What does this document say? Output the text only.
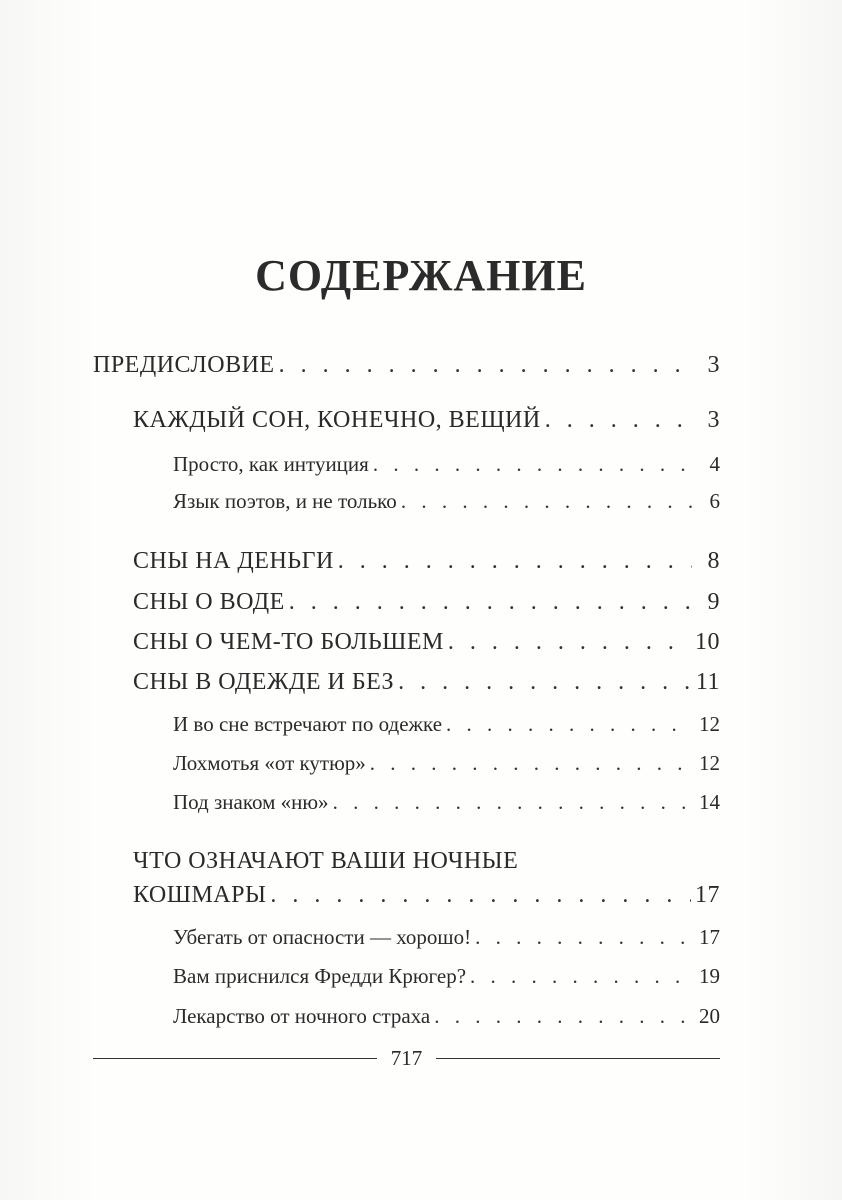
СОДЕРЖАНИЕ
ПРЕДИСЛОВИЕ . . .	3
КАЖДЫЙ СОН, КОНЕЧНО, ВЕЩИЙ . . .	3
Просто, как интуиция . . .	4
Язык поэтов, и не только . . .	6
СНЫ НА ДЕНЬГИ . . .	8
СНЫ О ВОДЕ . . .	9
СНЫ О ЧЕМ-ТО БОЛЬШЕМ . . .	10
СНЫ В ОДЕЖДЕ И БЕЗ . . .	11
И во сне встречают по одежке . . .	12
Лохмотья «от кутюр» . . .	12
Под знаком «ню» . . .	14
ЧТО ОЗНАЧАЮТ ВАШИ НОЧНЫЕ
КОШМАРЫ . . .	17
Убегать от опасности — хорошо! . . .	17
Вам приснился Фредди Крюгер? . . .	19
Лекарство от ночного страха . . .	20
717
